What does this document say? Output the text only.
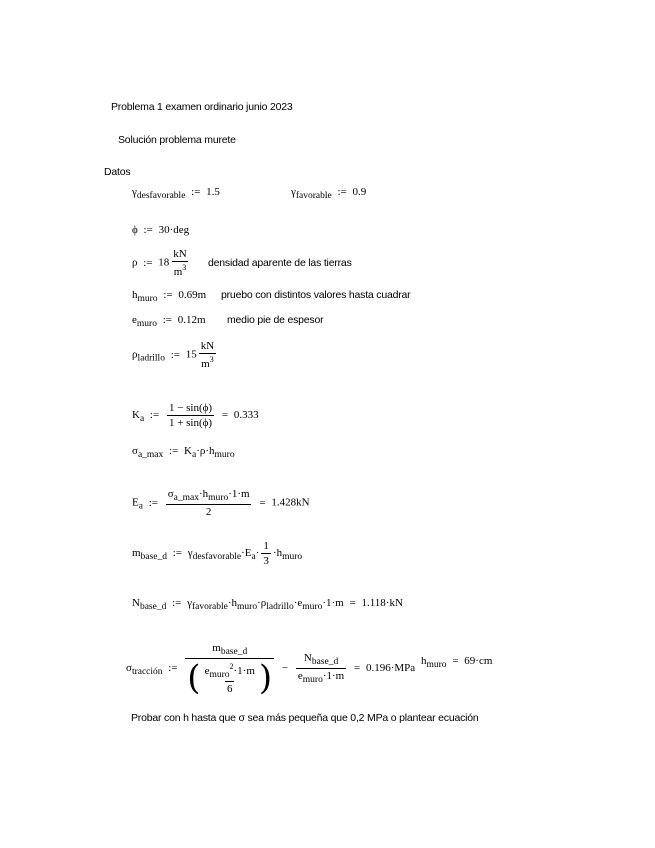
Problema 1 examen ordinario junio 2023
Solución problema murete
Datos
γdesfavorable := 1.5	γfavorable := 0.9
ϕ := 30·deg
ρ := $18 \frac{kN}{m^3}$ densidad aparente de las tierras
hmuro := 0.69m pruebo con distintos valores hasta cuadrar
emuro := 0.12m medio pie de espesor
ρladrillo := $15 \frac{kN}{m^3}$
Ka := $\frac{1 - \sin(\phi)}{1 + \sin(\phi)} = 0.333$
σa_max := Ka·ρ·hmuro
Ea := $\frac{\text{σa\_max·hmuro·1·m}}{2} = 1.428kN$
mbase_d := γdesfavorable·Ea· $\frac{1}{3}$ ·hmuro
Nbase_d := γfavorable·hmuro·ρladrillo·emuro·1·m = 1.118·kN
σtracción := $\frac{\text{mbase\_d}}{( \frac{emuro^2\cdot 1\cdot m}{6} )} - \frac{\text{Nbase\_d}}{\text{emuro·1·m}} = 0.196\cdot MPa$
hmuro = 69·cm
Probar con h hasta que σ sea más pequeña que 0,2 MPa o plantear ecuación
